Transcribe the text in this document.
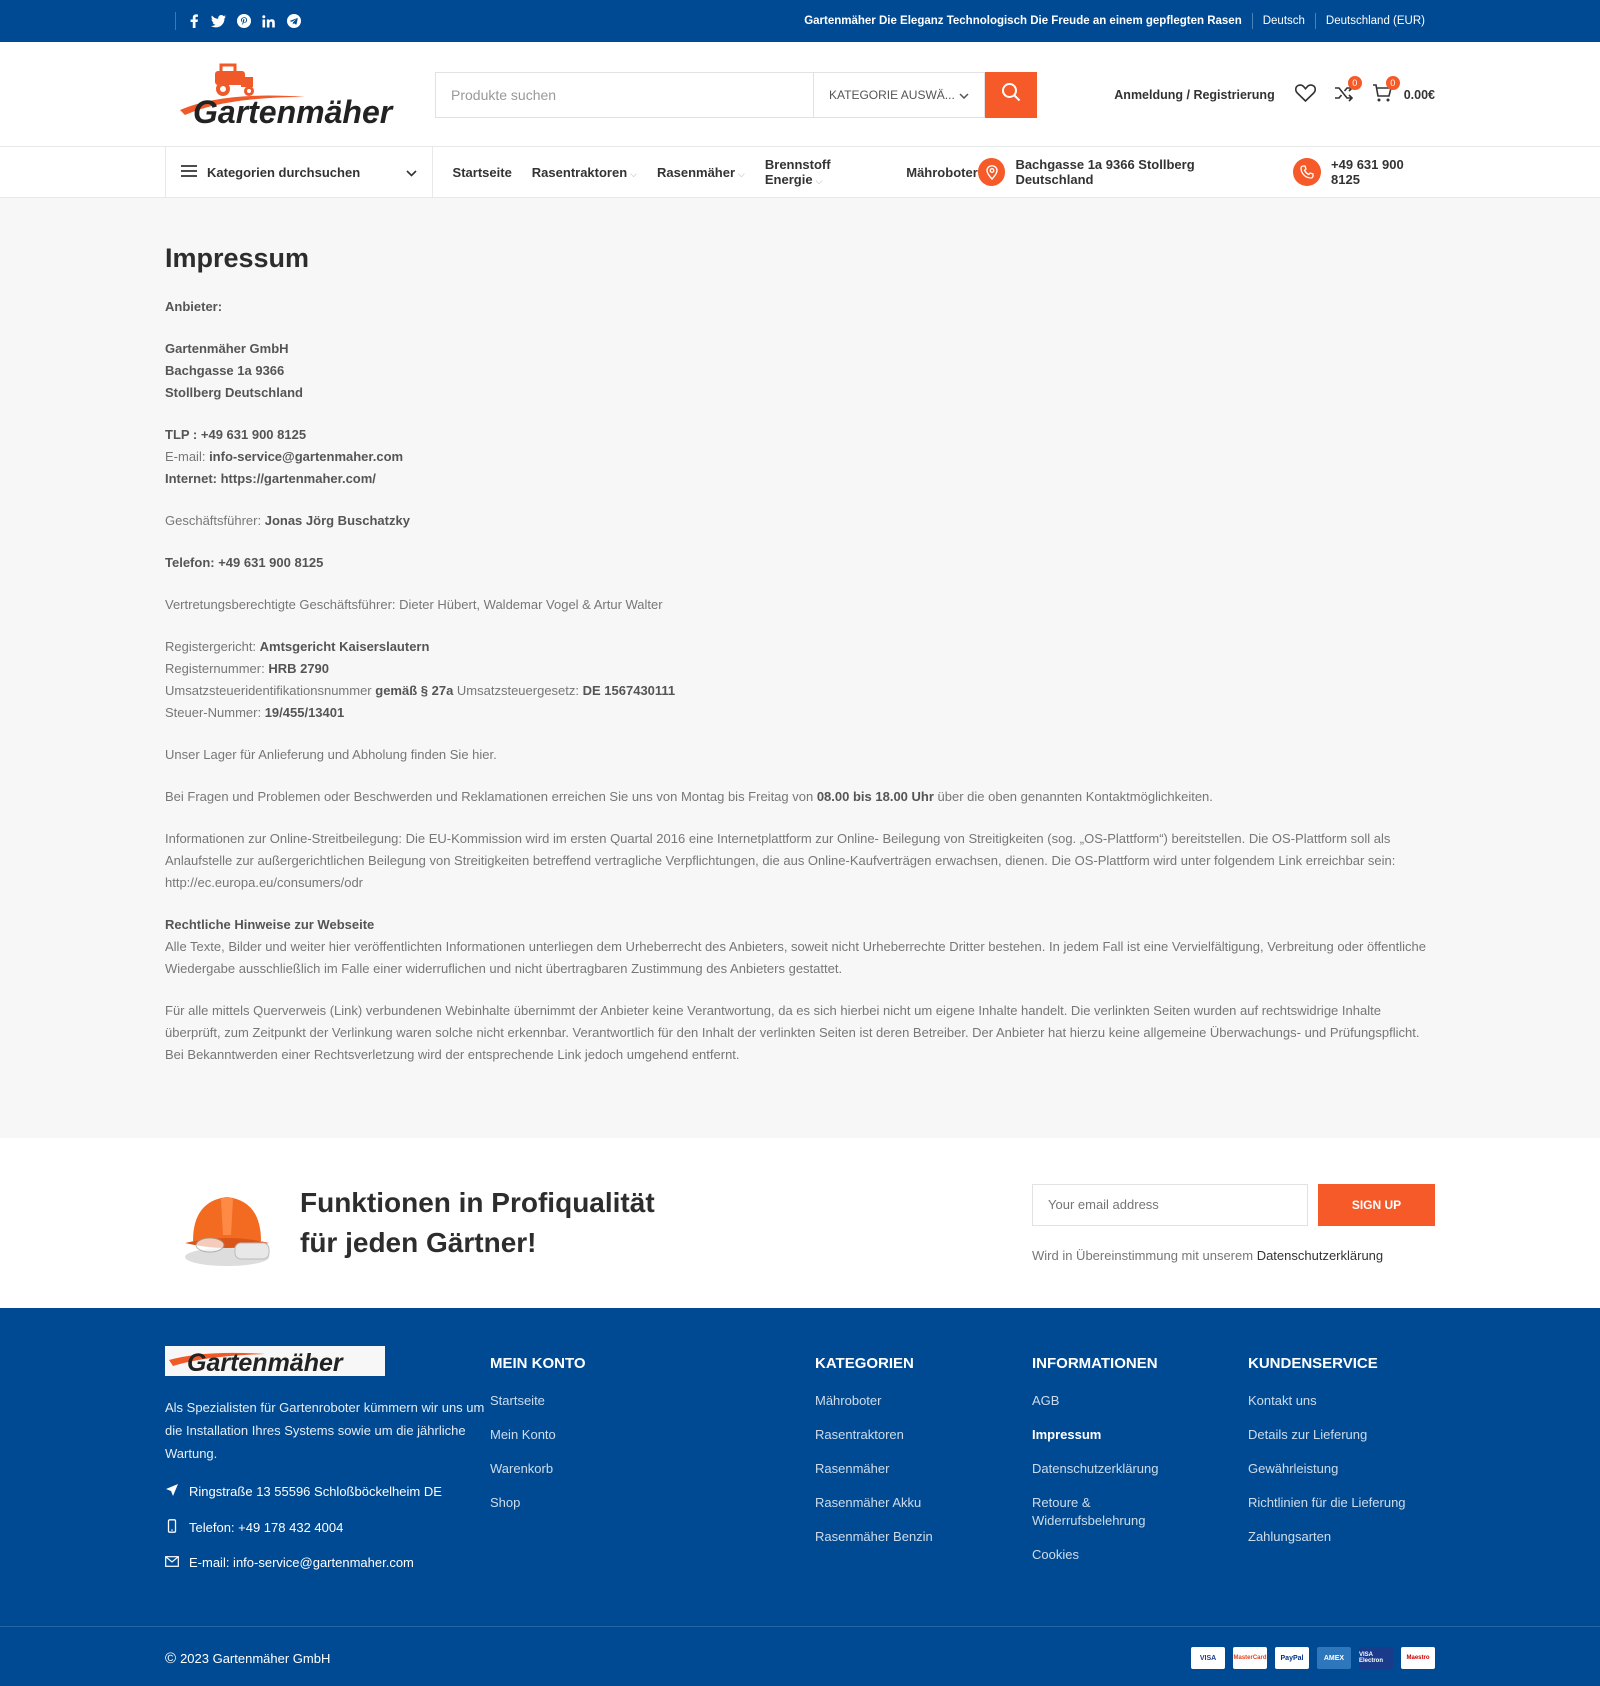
Gartenmäher Die Eleganz Technologisch Die Freude an einem gepflegten Rasen	Deutsch	Deutschland (EUR)
Gartenmäher
Produkte suchen	KATEGORIE AUSWÄ...	Anmeldung / Registrierung
0	0
0.00€
Kategorien durchsuchen	Startseite Rasentraktoren ⌵ Rasenmäher ⌵
Brennstoff Energie ⌵
Mähroboter	Bachgasse 1a 9366 Stollberg Deutschland
+49 631 900 8125
Impressum

Anbieter:

Gartenmäher GmbH
Bachgasse 1a 9366
Stollberg Deutschland

TLP : +49 631 900 8125
E-mail: info-service@gartenmaher.com
Internet: https://gartenmaher.com/

Geschäftsführer: Jonas Jörg Buschatzky

Telefon: +49 631 900 8125

Vertretungsberechtigte Geschäftsführer: Dieter Hübert, Waldemar Vogel & Artur Walter

Registergericht: Amtsgericht Kaiserslautern
Registernummer: HRB 2790
Umsatzsteueridentifikationsnummer gemäß § 27a Umsatzsteuergesetz: DE 1567430111
Steuer-Nummer: 19/455/13401

Unser Lager für Anlieferung und Abholung finden Sie hier.

Bei Fragen und Problemen oder Beschwerden und Reklamationen erreichen Sie uns von Montag bis Freitag von 08.00 bis 18.00 Uhr über die oben genannten Kontaktmöglichkeiten.

Informationen zur Online-Streitbeilegung: Die EU-Kommission wird im ersten Quartal 2016 eine Internetplattform zur Online- Beilegung von Streitigkeiten (sog. „OS-Plattform“) bereitstellen. Die OS-Plattform soll als Anlaufstelle zur außergerichtlichen Beilegung von Streitigkeiten betreffend vertragliche Verpflichtungen, die aus Online-Kaufverträgen erwachsen, dienen. Die OS-Plattform wird unter folgendem Link erreichbar sein: http://ec.europa.eu/consumers/odr

Rechtliche Hinweise zur Webseite
Alle Texte, Bilder und weiter hier veröffentlichten Informationen unterliegen dem Urheberrecht des Anbieters, soweit nicht Urheberrechte Dritter bestehen. In jedem Fall ist eine Vervielfältigung, Verbreitung oder öffentliche Wiedergabe ausschließlich im Falle einer widerruflichen und nicht übertragbaren Zustimmung des Anbieters gestattet.

Für alle mittels Querverweis (Link) verbundenen Webinhalte übernimmt der Anbieter keine Verantwortung, da es sich hierbei nicht um eigene Inhalte handelt. Die verlinkten Seiten wurden auf rechtswidrige Inhalte überprüft, zum Zeitpunkt der Verlinkung waren solche nicht erkennbar. Verantwortlich für den Inhalt der verlinkten Seiten ist deren Betreiber. Der Anbieter hat hierzu keine allgemeine Überwachungs- und Prüfungspflicht. Bei Bekanntwerden einer Rechtsverletzung wird der entsprechende Link jedoch umgehend entfernt.

Funktionen in Profiqualität
für jeden Gärtner!
Your email address
SIGN UP
Wird in Übereinstimmung mit unserem Datenschutzerklärung
Gartenmäher

Als Spezialisten für Gartenroboter kümmern wir uns um die Installation Ihres Systems sowie um die jährliche Wartung.

Ringstraße 13 55596 Schloßböckelheim DE
Telefon: +49 178 432 4004
E-mail: info-service@gartenmaher.com
MEIN KONTO
Startseite
Mein Konto
Warenkorb
Shop
KATEGORIEN
Mähroboter
Rasentraktoren
Rasenmäher
Rasenmäher Akku
Rasenmäher Benzin
INFORMATIONEN
AGB
Impressum
Datenschutzerklärung
Retoure & Widerrufsbelehrung
Cookies
KUNDENSERVICE
Kontakt uns
Details zur Lieferung
Gewährleistung
Richtlinien für die Lieferung
Zahlungsarten
© 2023 Gartenmäher GmbH	VISA	MasterCard	PayPal	AMEX	VISA Electron	Maestro
